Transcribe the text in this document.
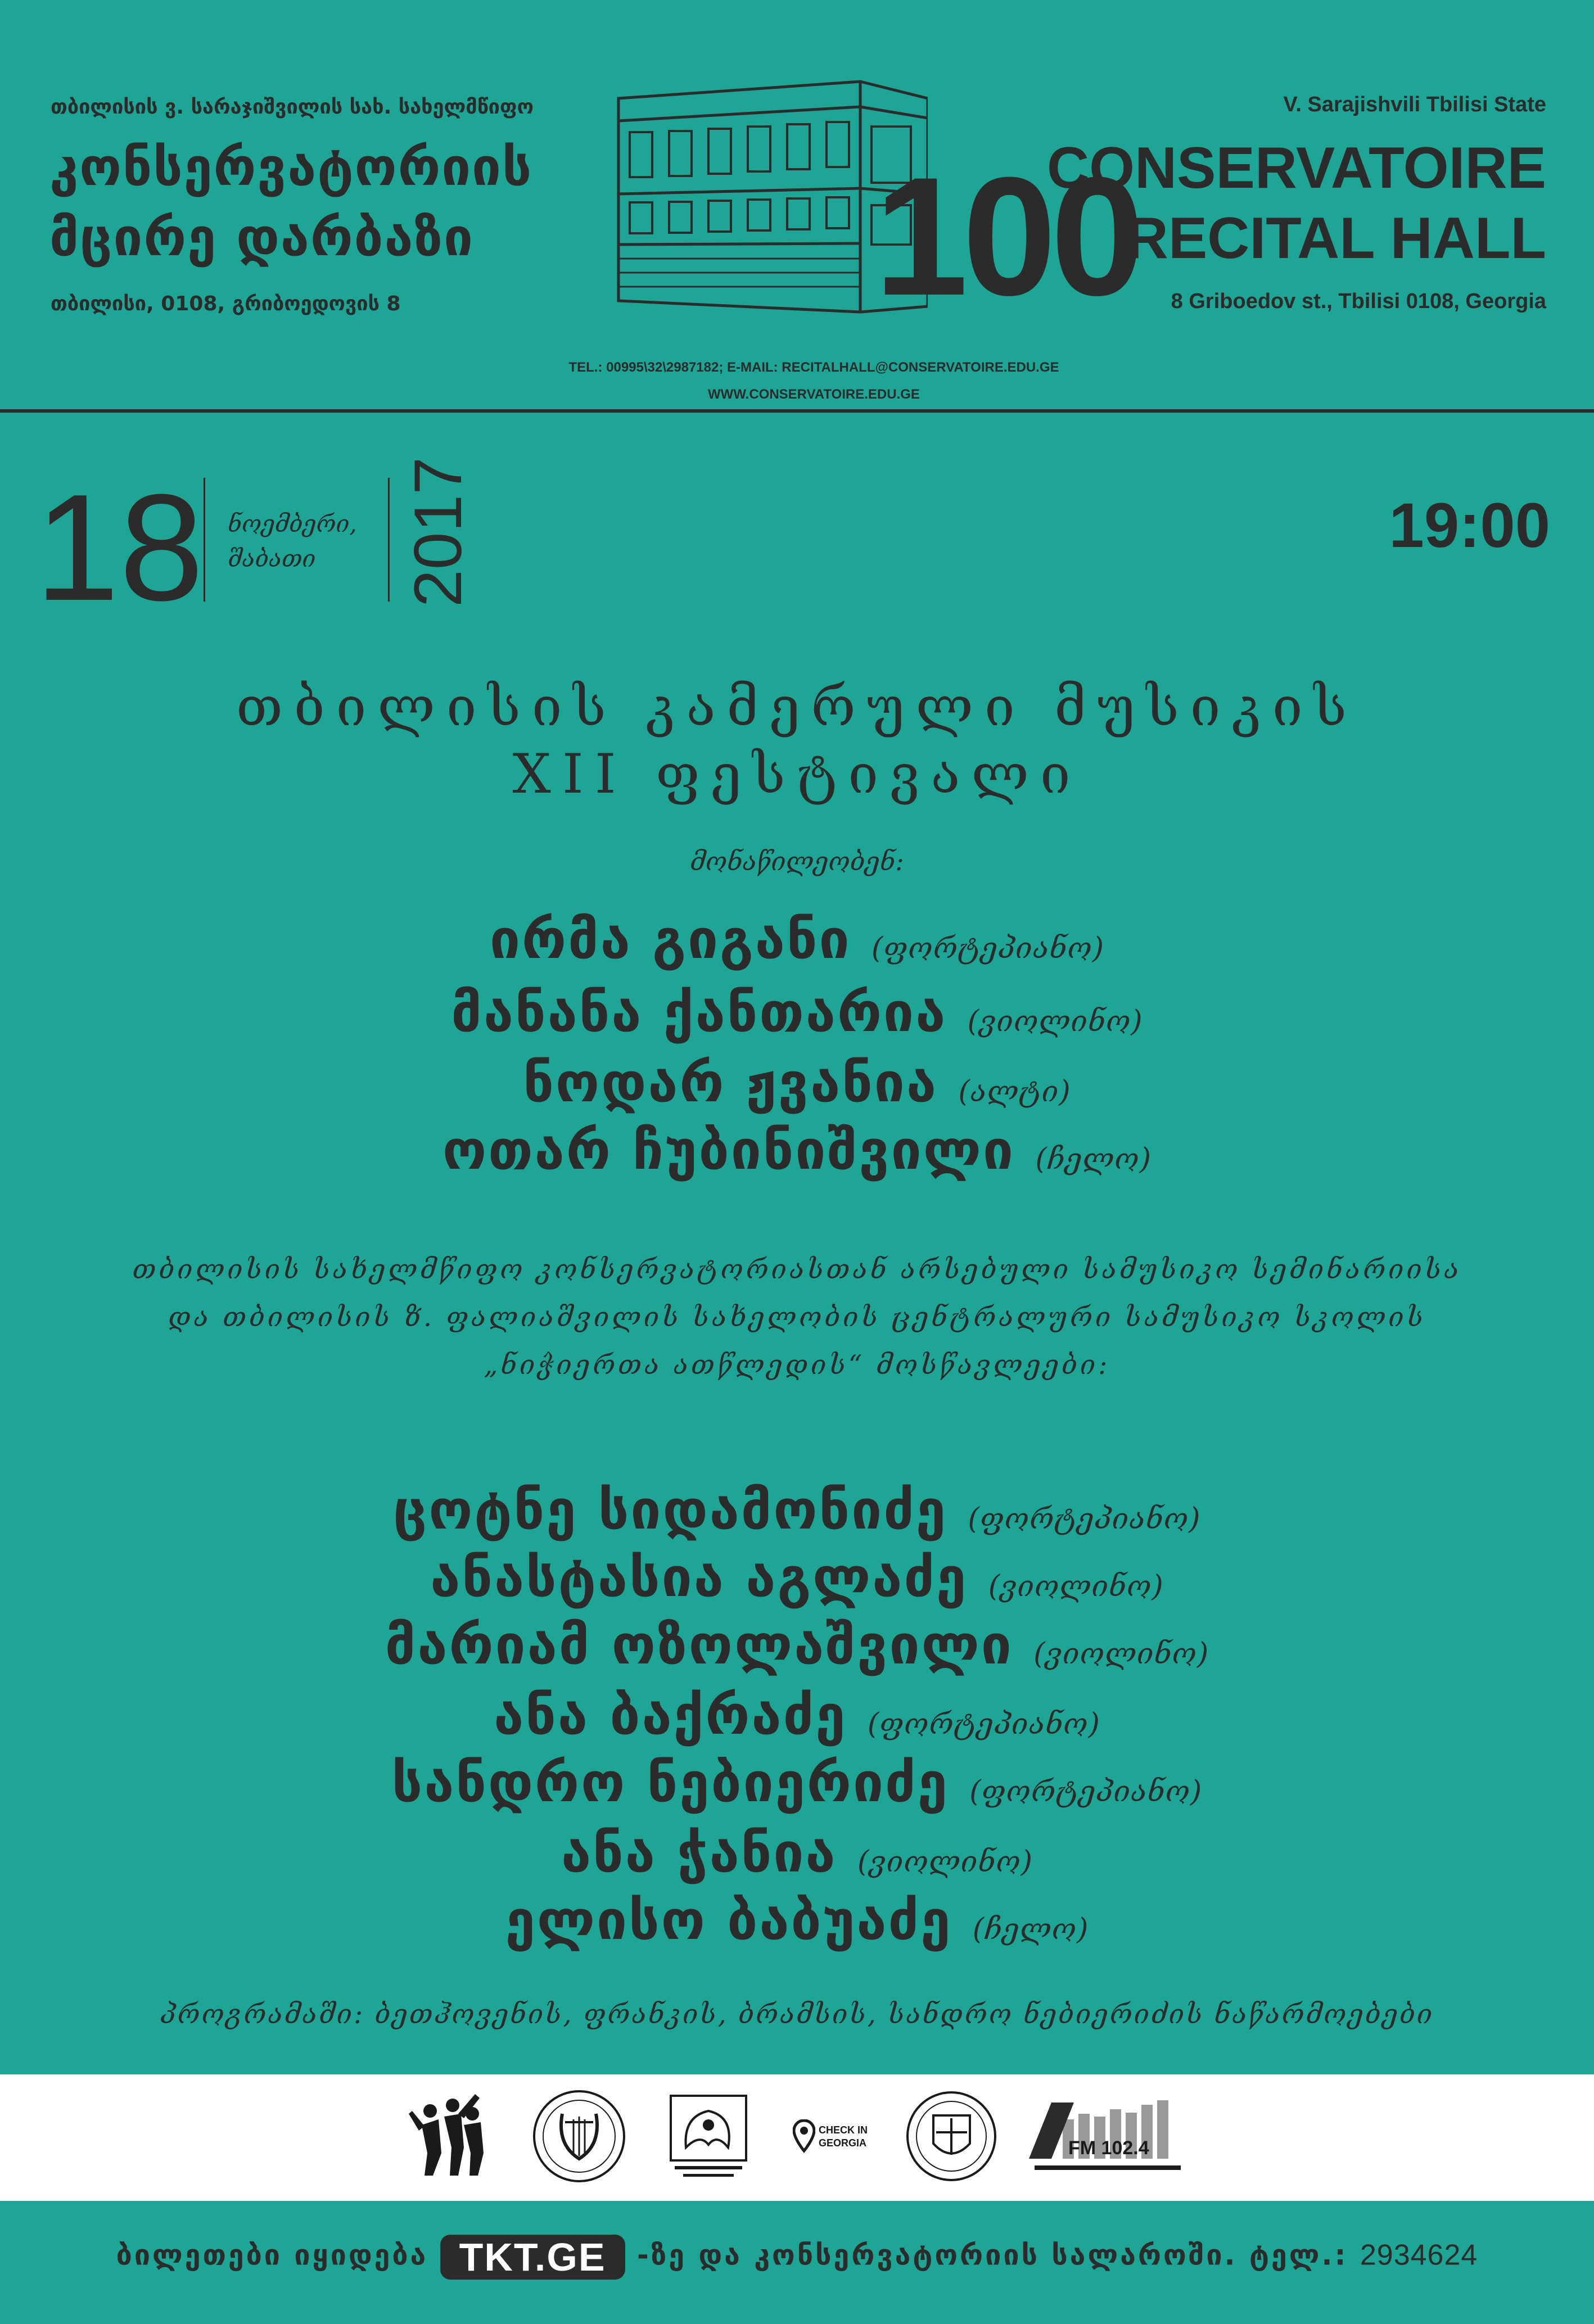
თბილისის ვ. სარაჯიშვილის სახ. სახელმწიფო
კონსერვატორიის
მცირე დარბაზი
თბილისი, 0108, გრიბოედოვის 8	100
V. Sarajishvili Tbilisi State
CONSERVATOIRE
RECITAL HALL
8 Griboedov st., Tbilisi 0108, Georgia
TEL.: 00995\32\2987182; E-MAIL: RECITALHALL@CONSERVATOIRE.EDU.GE
WWW.CONSERVATOIRE.EDU.GE
18 ნოემბერი,
შაბათი 2017	19:00
თბილისის კამერული მუსიკის
XII ფესტივალი
მონაწილეობენ:
ირმა გიგანი (ფორტეპიანო)
მანანა ქანთარია (ვიოლინო)
ნოდარ ჟვანია (ალტი)
ოთარ ჩუბინიშვილი (ჩელო)
თბილისის სახელმწიფო კონსერვატორიასთან არსებული სამუსიკო სემინარიისა
და თბილისის ზ. ფალიაშვილის სახელობის ცენტრალური სამუსიკო სკოლის
„ნიჭიერთა ათწლედის“ მოსწავლეები:
ცოტნე სიდამონიძე (ფორტეპიანო)
ანასტასია აგლაძე (ვიოლინო)
მარიამ ოზოლაშვილი (ვიოლინო)
ანა ბაქრაძე (ფორტეპიანო)
სანდრო ნებიერიძე (ფორტეპიანო)
ანა ჭანია (ვიოლინო)
ელისო ბაბუაძე (ჩელო)
პროგრამაში: ბეთჰოვენის, ფრანკის, ბრამსის, სანდრო ნებიერიძის ნაწარმოებები
CHECK IN GEORGIA	FM 102.4
ბილეთები იყიდება TKT.GE -ზე და კონსერვატორიის სალაროში. ტელ.: 2934624
